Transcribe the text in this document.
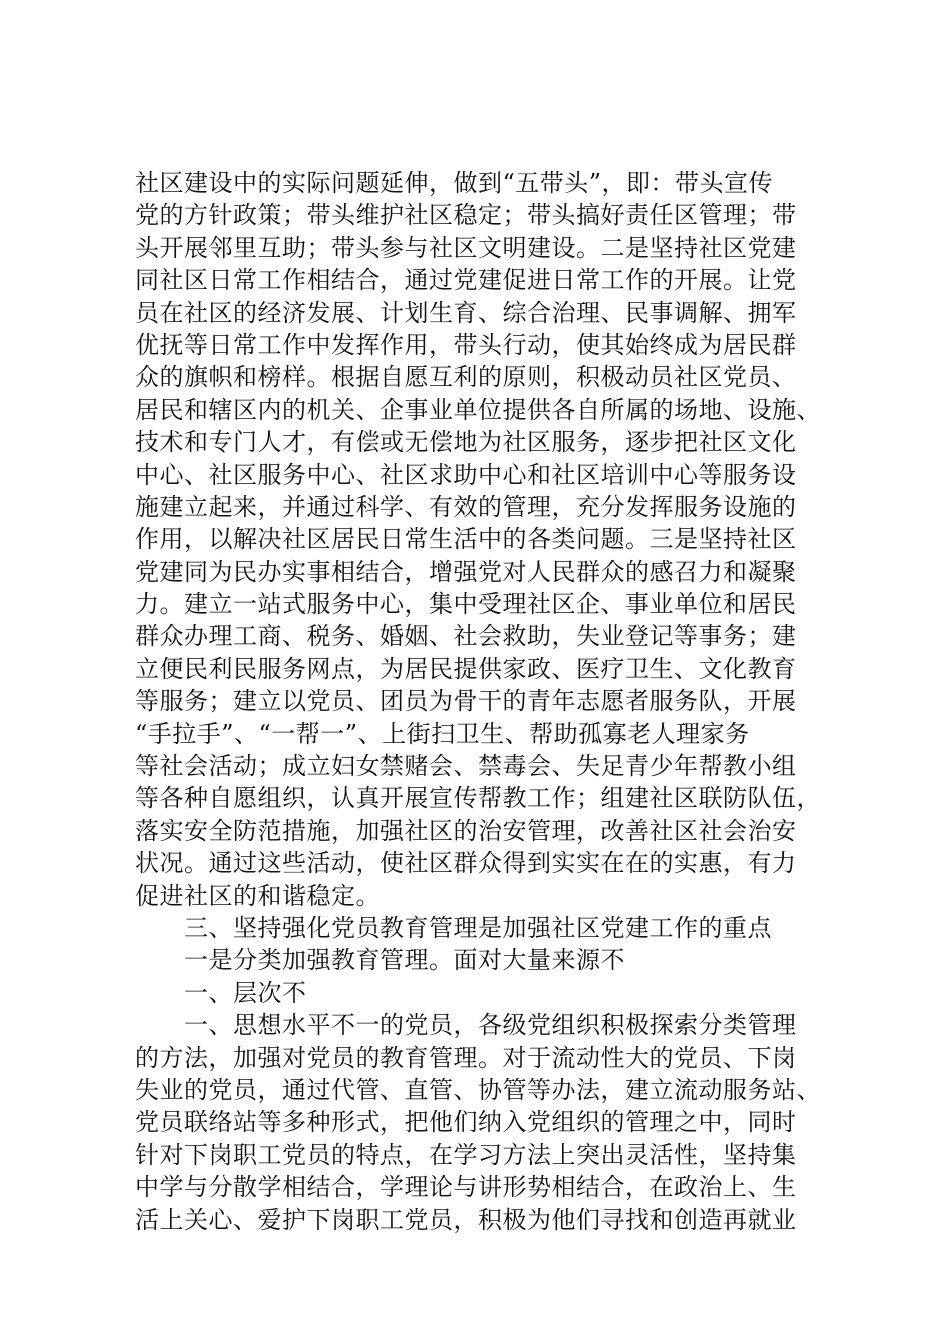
社区建设中的实际问题延伸，做到“五带头”，即：带头宣传
党的方针政策；带头维护社区稳定；带头搞好责任区管理；带
头开展邻里互助；带头参与社区文明建设。二是坚持社区党建
同社区日常工作相结合，通过党建促进日常工作的开展。让党
员在社区的经济发展、计划生育、综合治理、民事调解、拥军
优抚等日常工作中发挥作用，带头行动，使其始终成为居民群
众的旗帜和榜样。根据自愿互利的原则，积极动员社区党员、
居民和辖区内的机关、企事业单位提供各自所属的场地、设施、
技术和专门人才，有偿或无偿地为社区服务，逐步把社区文化
中心、社区服务中心、社区求助中心和社区培训中心等服务设
施建立起来，并通过科学、有效的管理，充分发挥服务设施的
作用，以解决社区居民日常生活中的各类问题。三是坚持社区
党建同为民办实事相结合，增强党对人民群众的感召力和凝聚
力。建立一站式服务中心，集中受理社区企、事业单位和居民
群众办理工商、税务、婚姻、社会救助，失业登记等事务；建
立便民利民服务网点，为居民提供家政、医疗卫生、文化教育
等服务；建立以党员、团员为骨干的青年志愿者服务队，开展
“手拉手”、“一帮一”、上街扫卫生、帮助孤寡老人理家务
等社会活动；成立妇女禁赌会、禁毒会、失足青少年帮教小组
等各种自愿组织，认真开展宣传帮教工作；组建社区联防队伍，
落实安全防范措施，加强社区的治安管理，改善社区社会治安
状况。通过这些活动，使社区群众得到实实在在的实惠，有力
促进社区的和谐稳定。
三、坚持强化党员教育管理是加强社区党建工作的重点
一是分类加强教育管理。面对大量来源不
一、层次不
一、思想水平不一的党员，各级党组织积极探索分类管理
的方法，加强对党员的教育管理。对于流动性大的党员、下岗
失业的党员，通过代管、直管、协管等办法，建立流动服务站、
党员联络站等多种形式，把他们纳入党组织的管理之中，同时
针对下岗职工党员的特点，在学习方法上突出灵活性，坚持集
中学与分散学相结合，学理论与讲形势相结合，在政治上、生
活上关心、爱护下岗职工党员，积极为他们寻找和创造再就业
